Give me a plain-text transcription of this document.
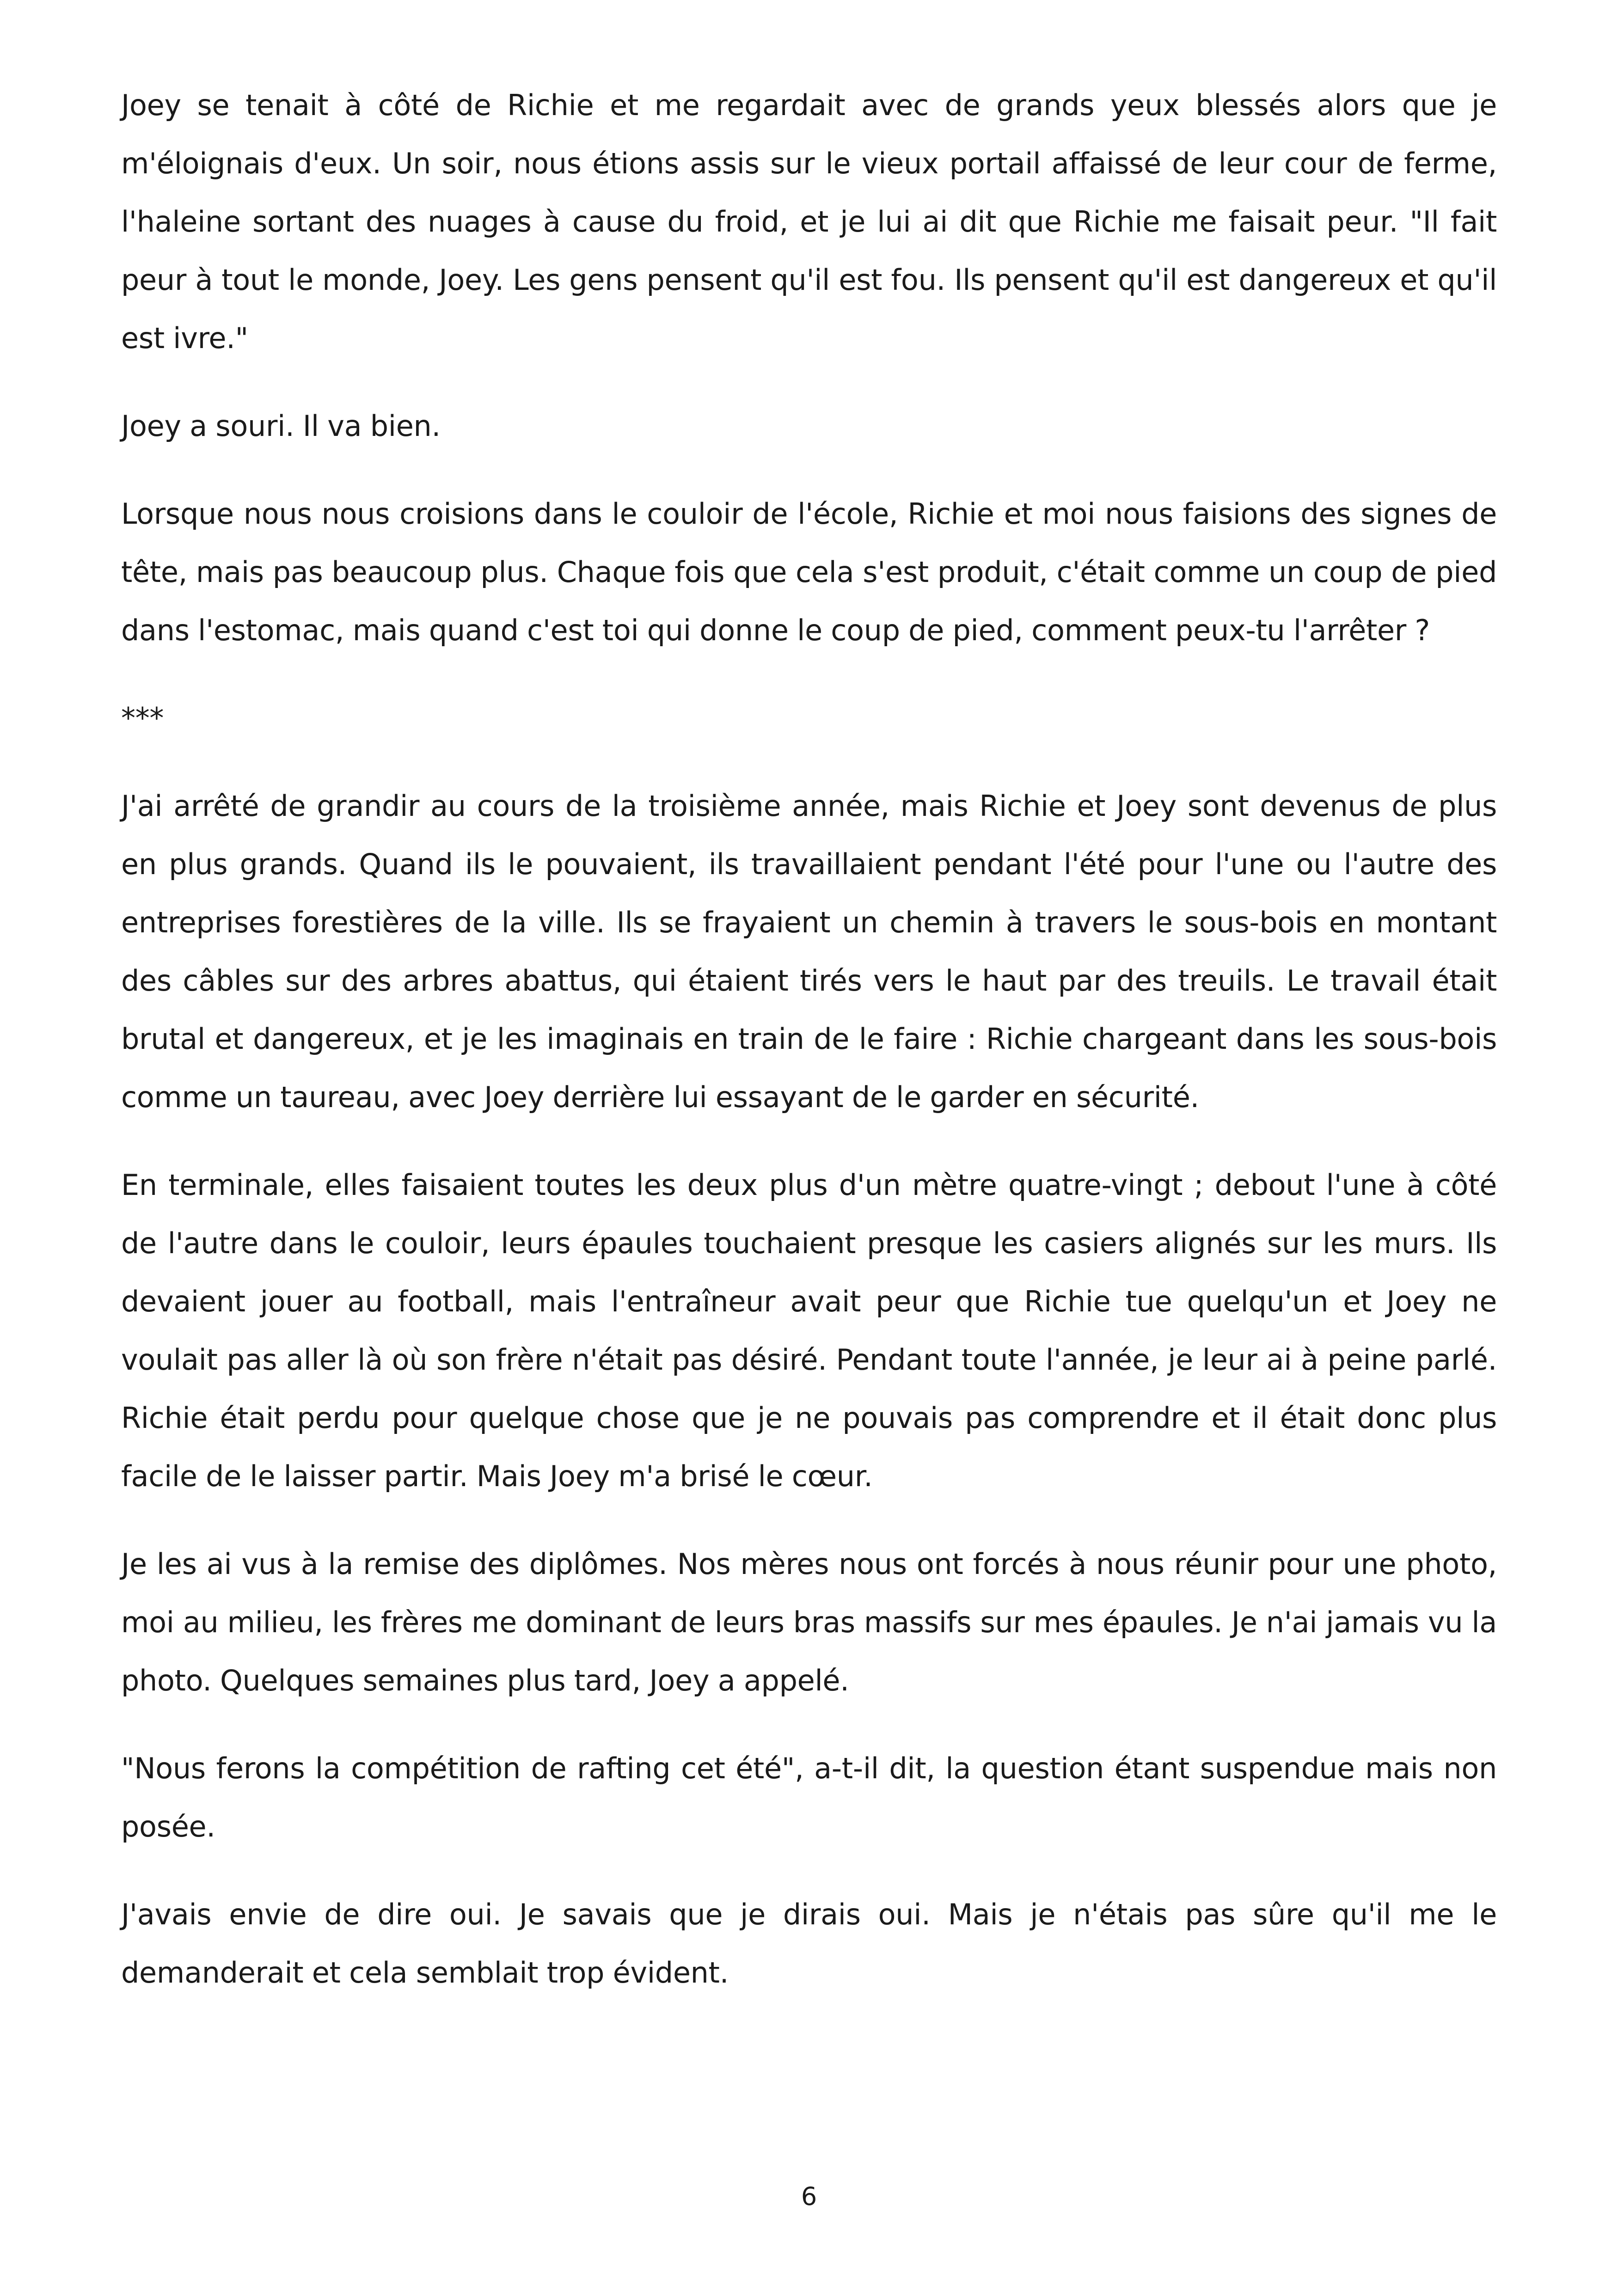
Joey se tenait à côté de Richie et me regardait avec de grands yeux blessés alors que je m'éloignais d'eux. Un soir, nous étions assis sur le vieux portail affaissé de leur cour de ferme, l'haleine sortant des nuages à cause du froid, et je lui ai dit que Richie me faisait peur. "Il fait peur à tout le monde, Joey. Les gens pensent qu'il est fou. Ils pensent qu'il est dangereux et qu'il est ivre."

Joey a souri. Il va bien.

Lorsque nous nous croisions dans le couloir de l'école, Richie et moi nous faisions des signes de tête, mais pas beaucoup plus. Chaque fois que cela s'est produit, c'était comme un coup de pied dans l'estomac, mais quand c'est toi qui donne le coup de pied, comment peux-tu l'arrêter ?

***

J'ai arrêté de grandir au cours de la troisième année, mais Richie et Joey sont devenus de plus en plus grands. Quand ils le pouvaient, ils travaillaient pendant l'été pour l'une ou l'autre des entreprises forestières de la ville. Ils se frayaient un chemin à travers le sous-bois en montant des câbles sur des arbres abattus, qui étaient tirés vers le haut par des treuils. Le travail était brutal et dangereux, et je les imaginais en train de le faire : Richie chargeant dans les sous-bois comme un taureau, avec Joey derrière lui essayant de le garder en sécurité.

En terminale, elles faisaient toutes les deux plus d'un mètre quatre-vingt ; debout l'une à côté de l'autre dans le couloir, leurs épaules touchaient presque les casiers alignés sur les murs. Ils devaient jouer au football, mais l'entraîneur avait peur que Richie tue quelqu'un et Joey ne voulait pas aller là où son frère n'était pas désiré. Pendant toute l'année, je leur ai à peine parlé. Richie était perdu pour quelque chose que je ne pouvais pas comprendre et il était donc plus facile de le laisser partir. Mais Joey m'a brisé le cœur.

Je les ai vus à la remise des diplômes. Nos mères nous ont forcés à nous réunir pour une photo, moi au milieu, les frères me dominant de leurs bras massifs sur mes épaules. Je n'ai jamais vu la photo. Quelques semaines plus tard, Joey a appelé.

"Nous ferons la compétition de rafting cet été", a-t-il dit, la question étant suspendue mais non posée.

J'avais envie de dire oui. Je savais que je dirais oui. Mais je n'étais pas sûre qu'il me le demanderait et cela semblait trop évident.

6
